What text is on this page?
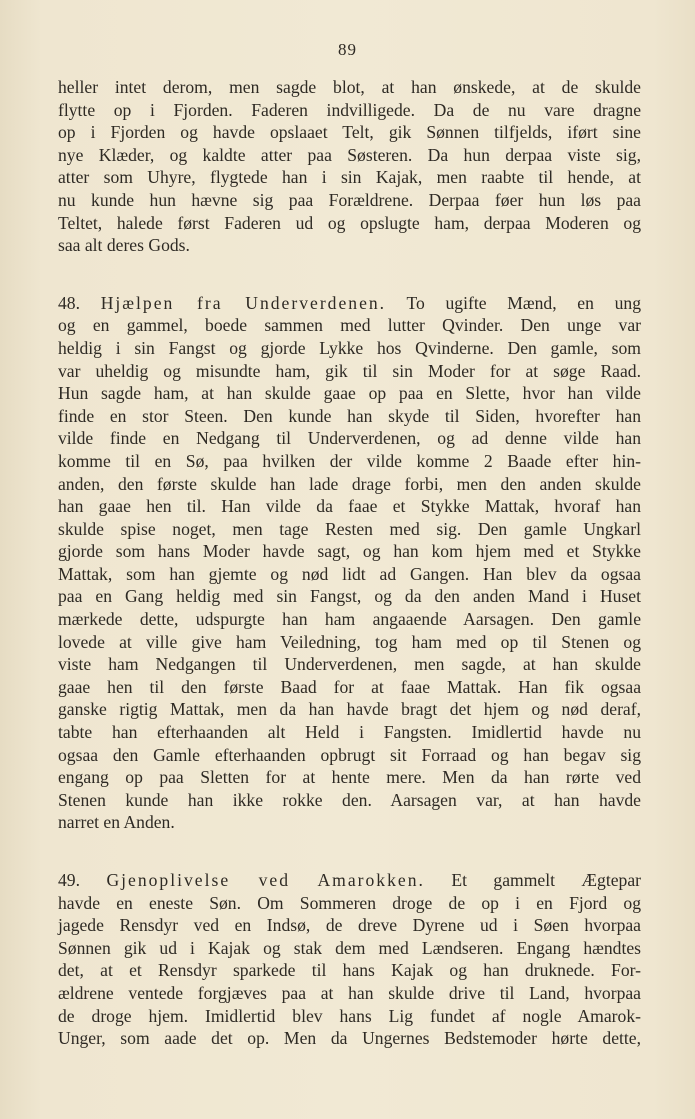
89
heller intet derom, men sagde blot, at han ønskede, at de skulde
flytte op i Fjorden. Faderen indvilligede. Da de nu vare dragne
op i Fjorden og havde opslaaet Telt, gik Sønnen tilfjelds, iført sine
nye Klæder, og kaldte atter paa Søsteren. Da hun derpaa viste sig,
atter som Uhyre, flygtede han i sin Kajak, men raabte til hende, at
nu kunde hun hævne sig paa Forældrene. Derpaa føer hun løs paa
Teltet, halede først Faderen ud og opslugte ham, derpaa Moderen og
saa alt deres Gods.
48. Hjælpen fra Underverdenen. To ugifte Mænd, en ung
og en gammel, boede sammen med lutter Qvinder. Den unge var
heldig i sin Fangst og gjorde Lykke hos Qvinderne. Den gamle, som
var uheldig og misundte ham, gik til sin Moder for at søge Raad.
Hun sagde ham, at han skulde gaae op paa en Slette, hvor han vilde
finde en stor Steen. Den kunde han skyde til Siden, hvorefter han
vilde finde en Nedgang til Underverdenen, og ad denne vilde han
komme til en Sø, paa hvilken der vilde komme 2 Baade efter hin-
anden, den første skulde han lade drage forbi, men den anden skulde
han gaae hen til. Han vilde da faae et Stykke Mattak, hvoraf han
skulde spise noget, men tage Resten med sig. Den gamle Ungkarl
gjorde som hans Moder havde sagt, og han kom hjem med et Stykke
Mattak, som han gjemte og nød lidt ad Gangen. Han blev da ogsaa
paa en Gang heldig med sin Fangst, og da den anden Mand i Huset
mærkede dette, udspurgte han ham angaaende Aarsagen. Den gamle
lovede at ville give ham Veiledning, tog ham med op til Stenen og
viste ham Nedgangen til Underverdenen, men sagde, at han skulde
gaae hen til den første Baad for at faae Mattak. Han fik ogsaa
ganske rigtig Mattak, men da han havde bragt det hjem og nød deraf,
tabte han efterhaanden alt Held i Fangsten. Imidlertid havde nu
ogsaa den Gamle efterhaanden opbrugt sit Forraad og han begav sig
engang op paa Sletten for at hente mere. Men da han rørte ved
Stenen kunde han ikke rokke den. Aarsagen var, at han havde
narret en Anden.
49. Gjenoplivelse ved Amarokken. Et gammelt Ægtepar
havde en eneste Søn. Om Sommeren droge de op i en Fjord og
jagede Rensdyr ved en Indsø, de dreve Dyrene ud i Søen hvorpaa
Sønnen gik ud i Kajak og stak dem med Lændseren. Engang hændtes
det, at et Rensdyr sparkede til hans Kajak og han druknede. For-
ældrene ventede forgjæves paa at han skulde drive til Land, hvorpaa
de droge hjem. Imidlertid blev hans Lig fundet af nogle Amarok-
Unger, som aade det op. Men da Ungernes Bedstemoder hørte dette,
